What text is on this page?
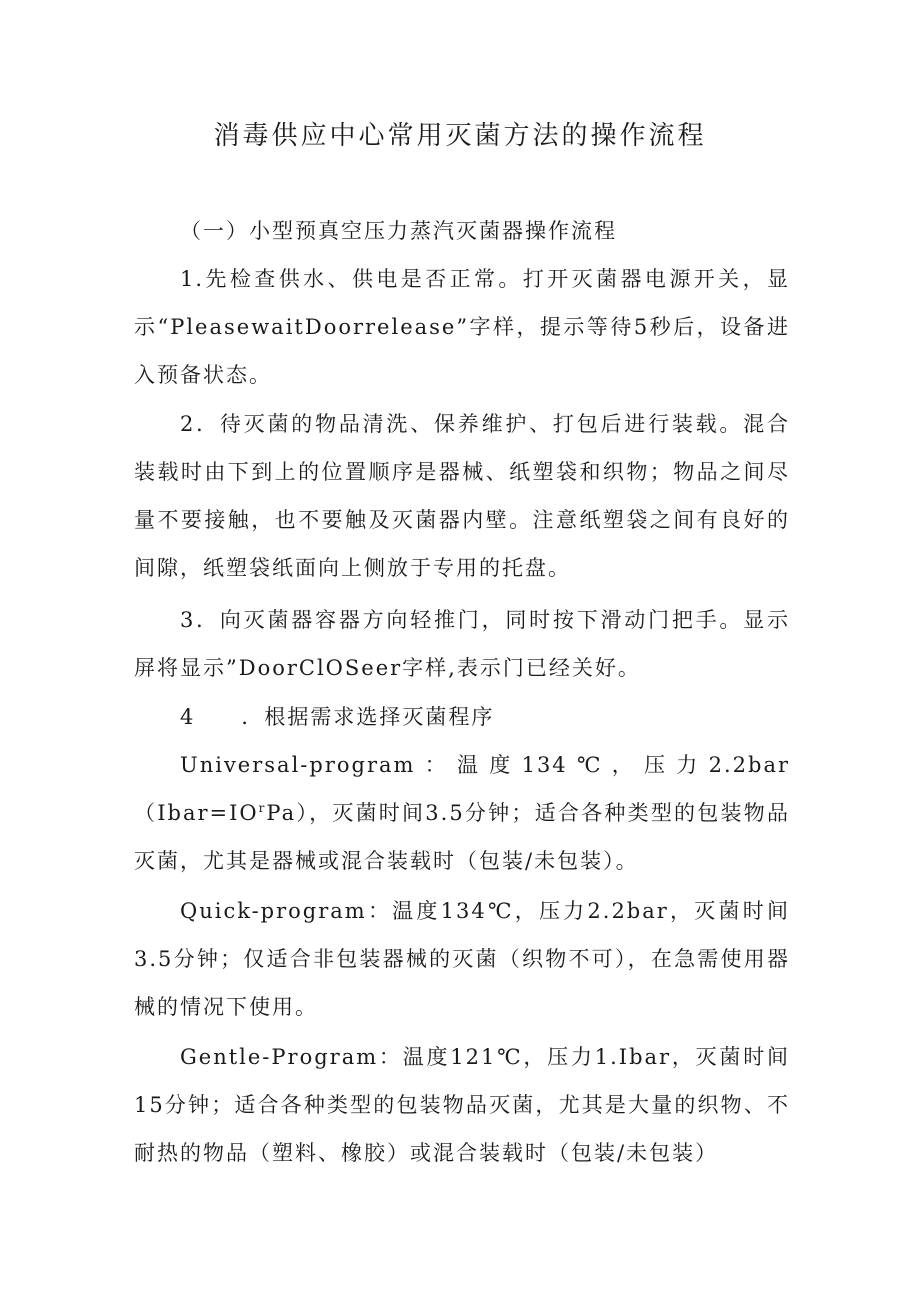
消毒供应中心常用灭菌方法的操作流程

（一）小型预真空压力蒸汽灭菌器操作流程

1.先检查供水、供电是否正常。打开灭菌器电源开关，显示“PleasewaitDoorrelease”字样，提示等待5秒后，设备进入预备状态。

2．待灭菌的物品清洗、保养维护、打包后进行装载。混合装载时由下到上的位置顺序是器械、纸塑袋和织物；物品之间尽量不要接触，也不要触及灭菌器内壁。注意纸塑袋之间有良好的间隙，纸塑袋纸面向上侧放于专用的托盘。

3．向灭菌器容器方向轻推门，同时按下滑动门把手。显示屏将显示”DoorClOSeer字样,表示门已经关好。

4　　．根据需求选择灭菌程序

Universal-program：温度134℃，压力$2.2bar(Ibar=IO^rPa)$，灭菌时间3.5分钟；适合各种类型的包装物品灭菌，尤其是器械或混合装载时（包装/未包装）。

Quick-program：温度134℃，压力2.2bar，灭菌时间3.5分钟；仅适合非包装器械的灭菌（织物不可），在急需使用器械的情况下使用。

Gentle-Program：温度121℃，压力1.Ibar，灭菌时间15分钟；适合各种类型的包装物品灭菌，尤其是大量的织物、不耐热的物品（塑料、橡胶）或混合装载时（包装/未包装）
